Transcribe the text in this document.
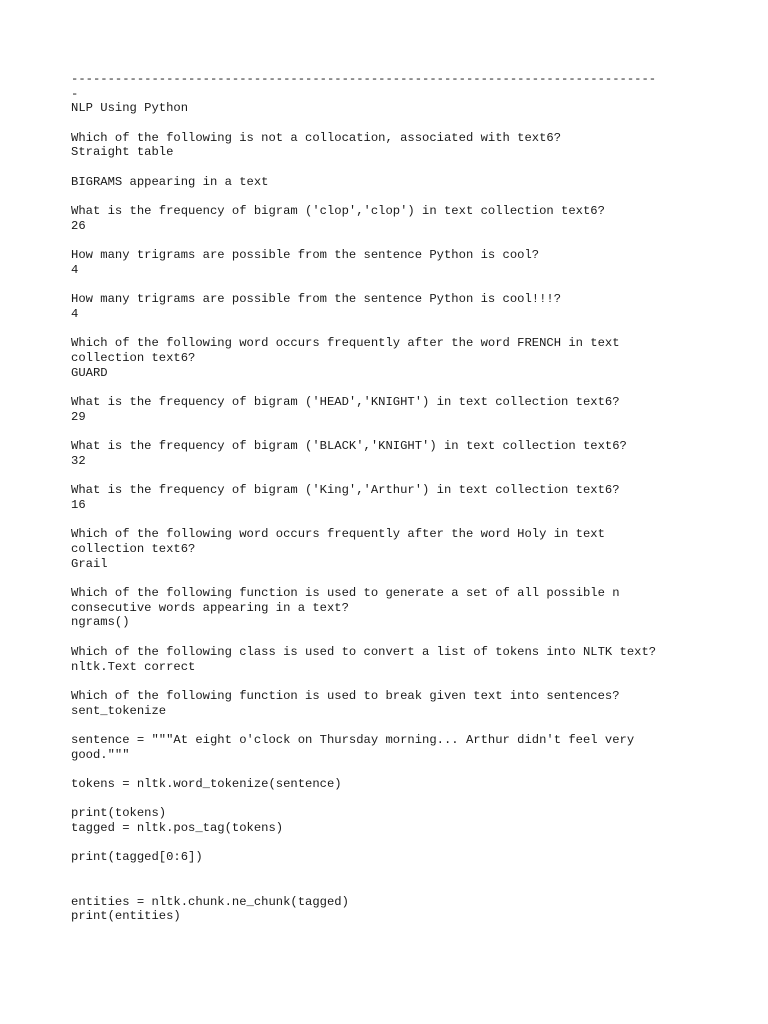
--------------------------------------------------------------------------------
-
NLP Using Python
Which of the following is not a collocation, associated with text6?
Straight table
BIGRAMS appearing in a text
What is the frequency of bigram ('clop','clop') in text collection text6?
26
How many trigrams are possible from the sentence Python is cool?
4
How many trigrams are possible from the sentence Python is cool!!!?
4
Which of the following word occurs frequently after the word FRENCH in text
collection text6?
GUARD
What is the frequency of bigram ('HEAD','KNIGHT') in text collection text6?
29
What is the frequency of bigram ('BLACK','KNIGHT') in text collection text6?
32
What is the frequency of bigram ('King','Arthur') in text collection text6?
16
Which of the following word occurs frequently after the word Holy in text
collection text6?
Grail
Which of the following function is used to generate a set of all possible n
consecutive words appearing in a text?
ngrams()
Which of the following class is used to convert a list of tokens into NLTK text?
nltk.Text correct
Which of the following function is used to break given text into sentences?
sent_tokenize
sentence = """At eight o'clock on Thursday morning... Arthur didn't feel very
good."""
tokens = nltk.word_tokenize(sentence)
print(tokens)
tagged = nltk.pos_tag(tokens)
print(tagged[0:6])
entities = nltk.chunk.ne_chunk(tagged)
print(entities)
